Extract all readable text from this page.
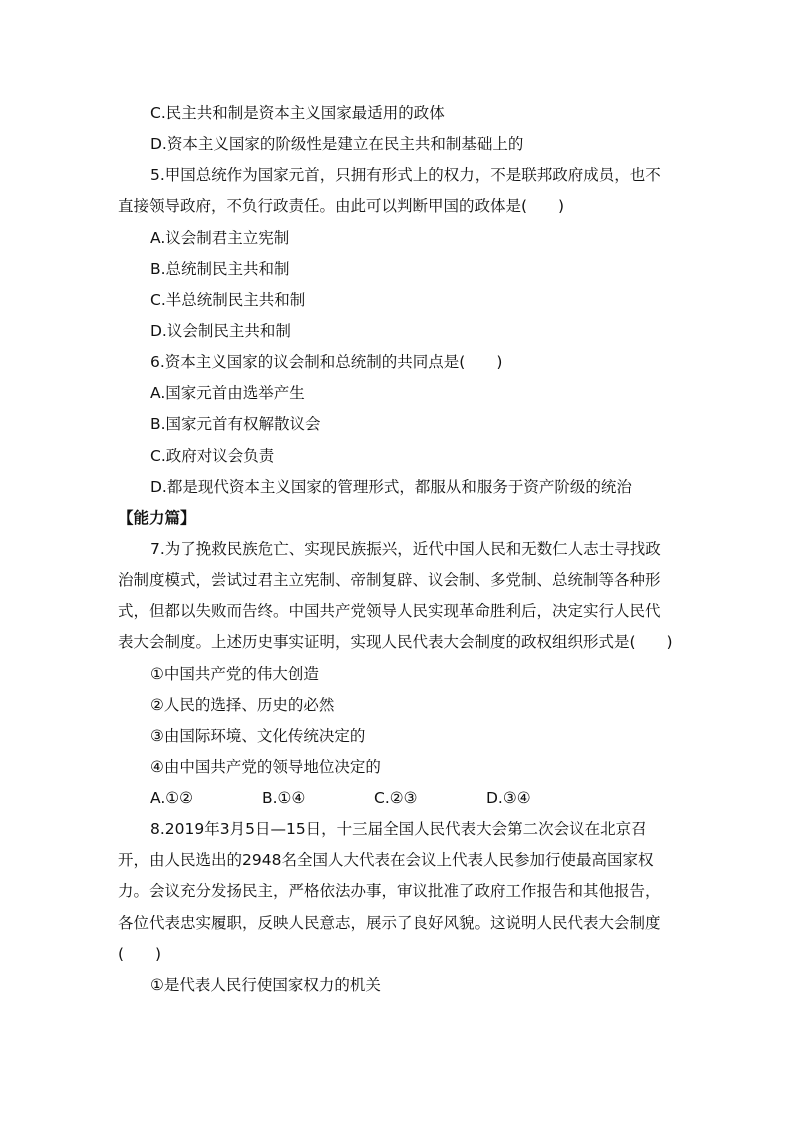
C.民主共和制是资本主义国家最适用的政体
D.资本主义国家的阶级性是建立在民主共和制基础上的
5.甲国总统作为国家元首，只拥有形式上的权力，不是联邦政府成员，也不
直接领导政府，不负行政责任。由此可以判断甲国的政体是(　　)
A.议会制君主立宪制
B.总统制民主共和制
C.半总统制民主共和制
D.议会制民主共和制
6.资本主义国家的议会制和总统制的共同点是(　　)
A.国家元首由选举产生
B.国家元首有权解散议会
C.政府对议会负责
D.都是现代资本主义国家的管理形式，都服从和服务于资产阶级的统治
【能力篇】
7.为了挽救民族危亡、实现民族振兴，近代中国人民和无数仁人志士寻找政
治制度模式，尝试过君主立宪制、帝制复辟、议会制、多党制、总统制等各种形
式，但都以失败而告终。中国共产党领导人民实现革命胜利后，决定实行人民代
表大会制度。上述历史事实证明，实现人民代表大会制度的政权组织形式是(　　)
①中国共产党的伟大创造
②人民的选择、历史的必然
③由国际环境、文化传统决定的
④由中国共产党的领导地位决定的
A.①②	B.①④	C.②③	D.③④
8.2019年3月5日—15日，十三届全国人民代表大会第二次会议在北京召
开，由人民选出的2948名全国人大代表在会议上代表人民参加行使最高国家权
力。会议充分发扬民主，严格依法办事，审议批准了政府工作报告和其他报告，
各位代表忠实履职，反映人民意志，展示了良好风貌。这说明人民代表大会制度
(　　)
①是代表人民行使国家权力的机关
